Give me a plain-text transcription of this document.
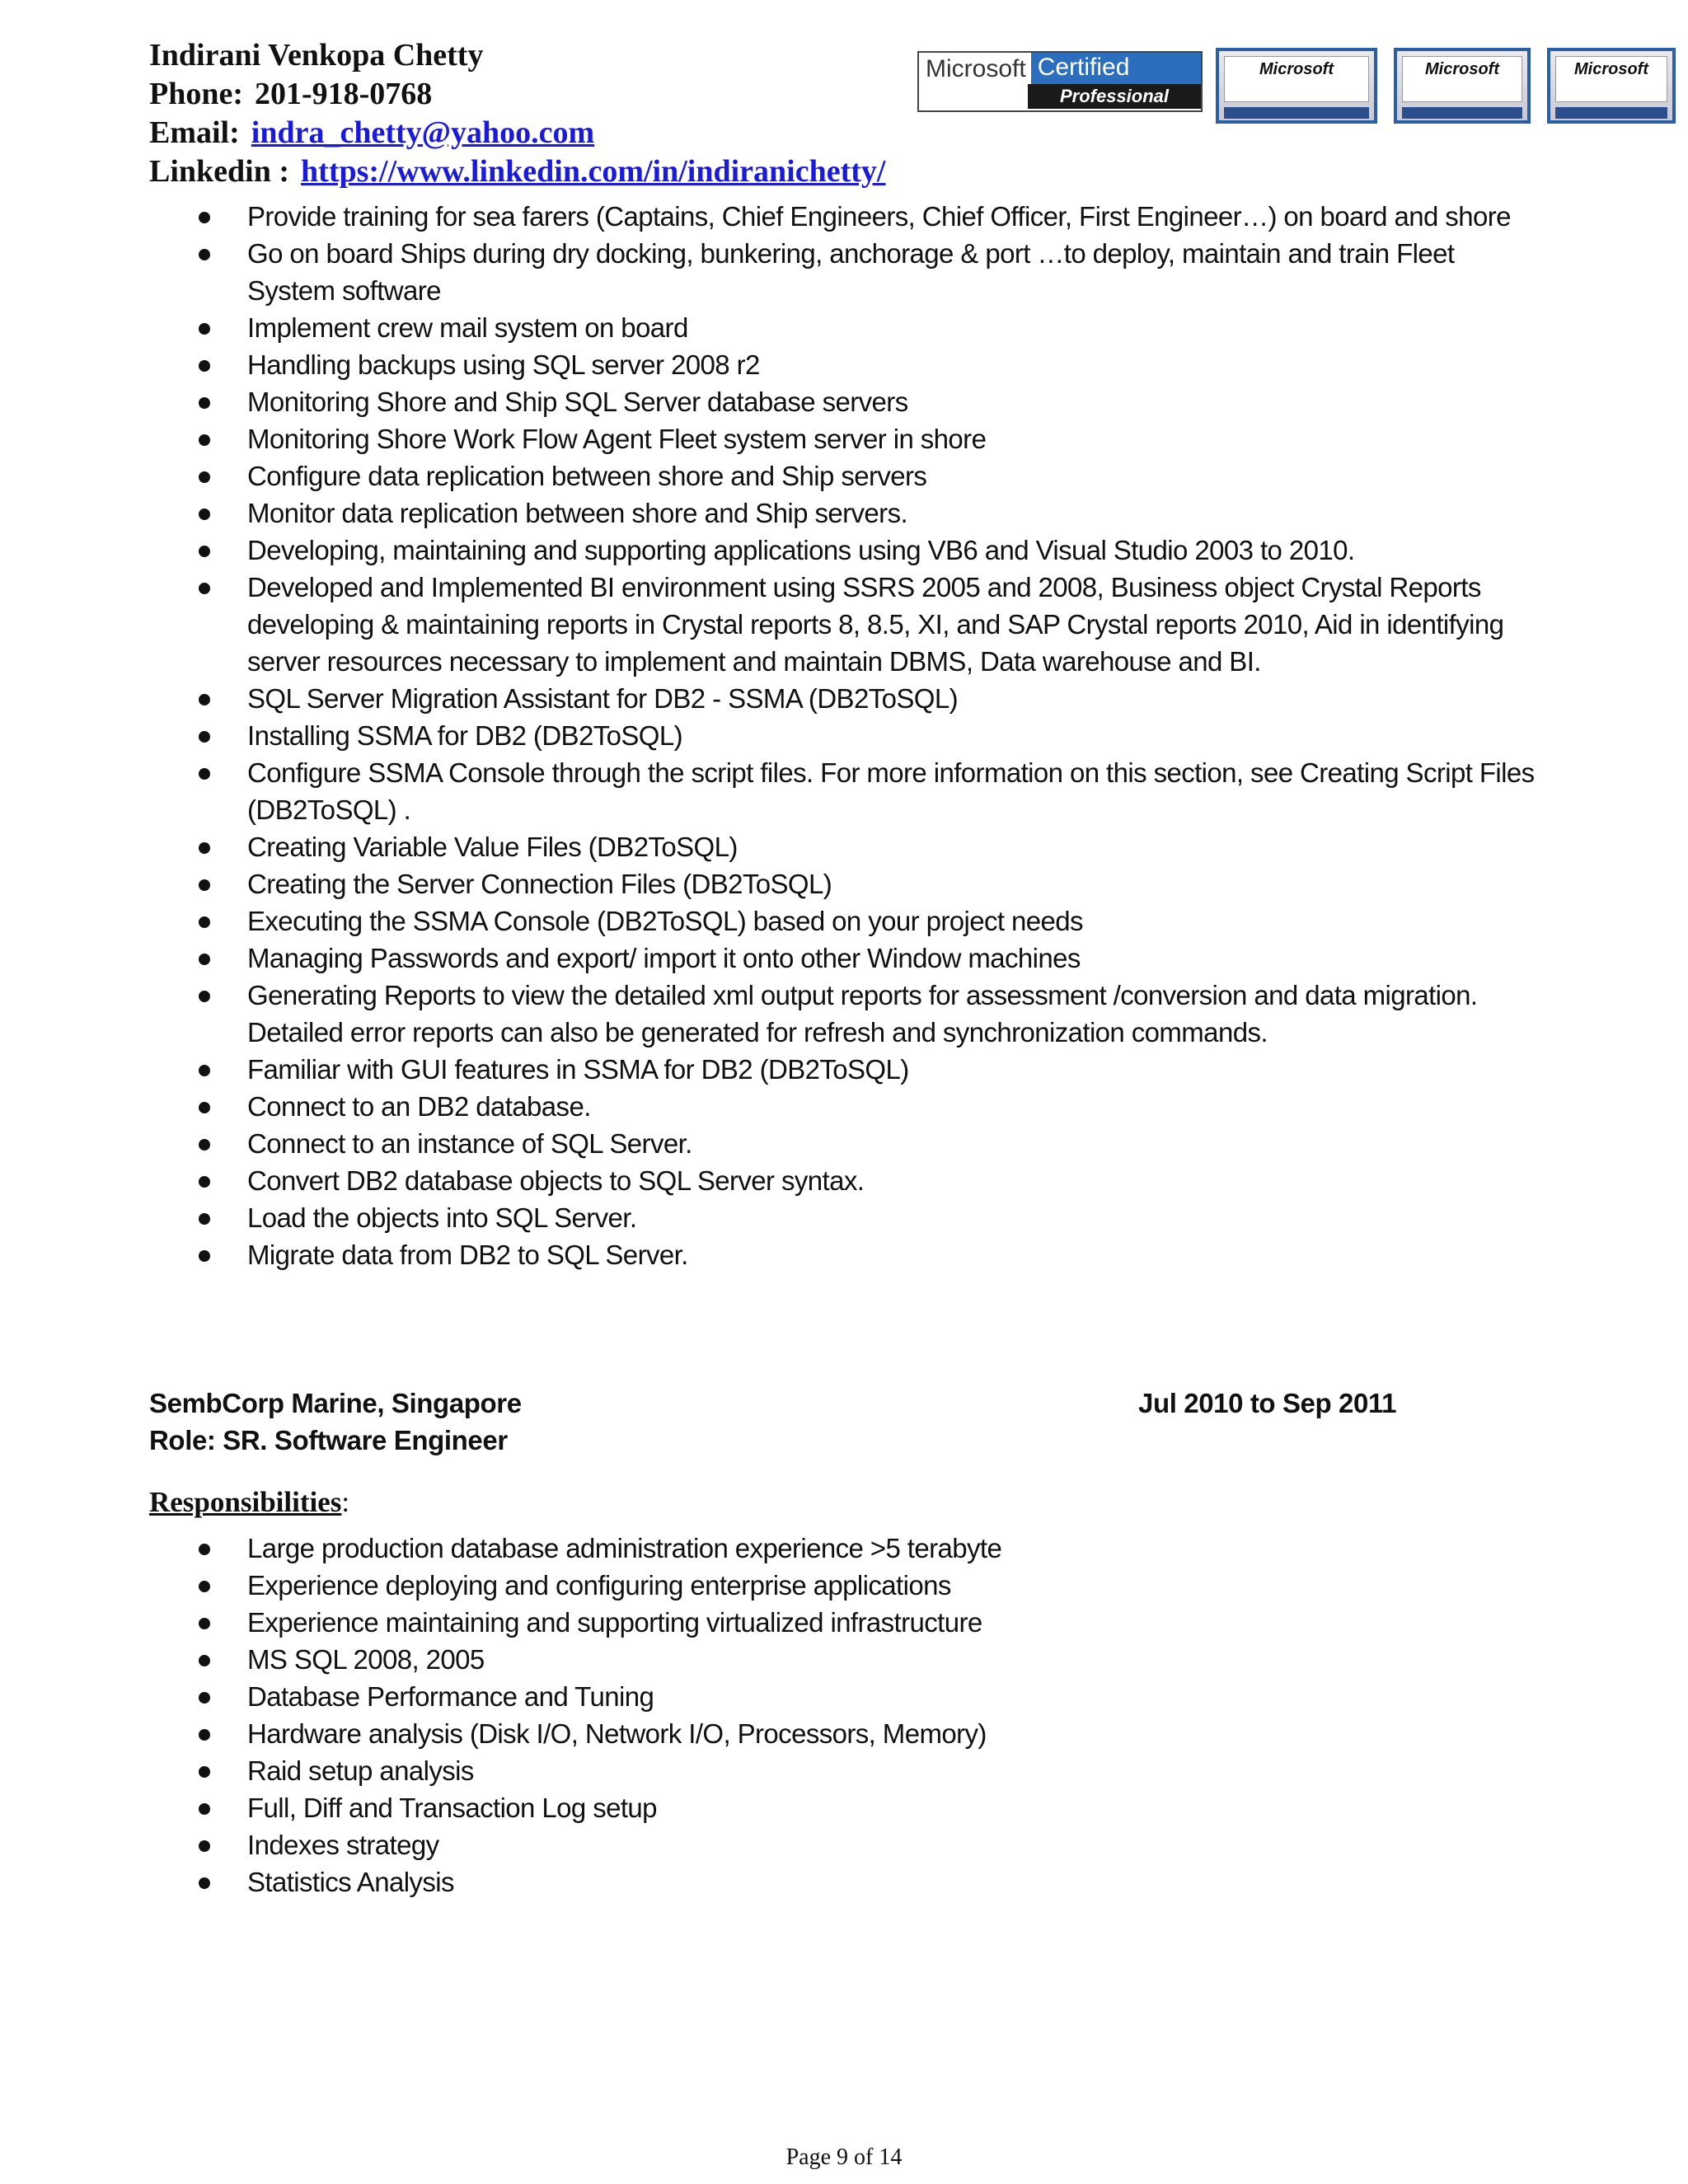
Indirani Venkopa Chetty
Phone: 201-918-0768
Email: indra_chetty@yahoo.com
Linkedin : https://www.linkedin.com/in/indiranichetty/
Microsoft Certified
Professional
Microsoft	Microsoft	Microsoft
Provide training for sea farers (Captains, Chief Engineers, Chief Officer, First Engineer…) on board and shore
Go on board Ships during dry docking, bunkering, anchorage & port …to deploy, maintain and train Fleet System software
Implement crew mail system on board
Handling backups using SQL server 2008 r2
Monitoring Shore and Ship SQL Server database servers
Monitoring Shore Work Flow Agent Fleet system server in shore
Configure data replication between shore and Ship servers
Monitor data replication between shore and Ship servers.
Developing, maintaining and supporting applications using VB6 and Visual Studio 2003 to 2010.
Developed and Implemented BI environment using SSRS 2005 and 2008, Business object Crystal Reports developing & maintaining reports in Crystal reports 8, 8.5, XI, and SAP Crystal reports 2010, Aid in identifying server resources necessary to implement and maintain DBMS, Data warehouse and BI.
SQL Server Migration Assistant for DB2 - SSMA (DB2ToSQL)
Installing SSMA for DB2 (DB2ToSQL)
Configure SSMA Console through the script files. For more information on this section, see Creating Script Files (DB2ToSQL) .
Creating Variable Value Files (DB2ToSQL)
Creating the Server Connection Files (DB2ToSQL)
Executing the SSMA Console (DB2ToSQL) based on your project needs
Managing Passwords and export/ import it onto other Window machines
Generating Reports to view the detailed xml output reports for assessment /conversion and data migration. Detailed error reports can also be generated for refresh and synchronization commands.
Familiar with GUI features in SSMA for DB2 (DB2ToSQL)
Connect to an DB2 database.
Connect to an instance of SQL Server.
Convert DB2 database objects to SQL Server syntax.
Load the objects into SQL Server.
Migrate data from DB2 to SQL Server.
SembCorp Marine, Singapore
Role: SR. Software Engineer
Jul 2010 to Sep 2011
Responsibilities:
Large production database administration experience >5 terabyte
Experience deploying and configuring enterprise applications
Experience maintaining and supporting virtualized infrastructure
MS SQL 2008, 2005
Database Performance and Tuning
Hardware analysis (Disk I/O, Network I/O, Processors, Memory)
Raid setup analysis
Full, Diff and Transaction Log setup
Indexes strategy
Statistics Analysis
Page 9 of 14
